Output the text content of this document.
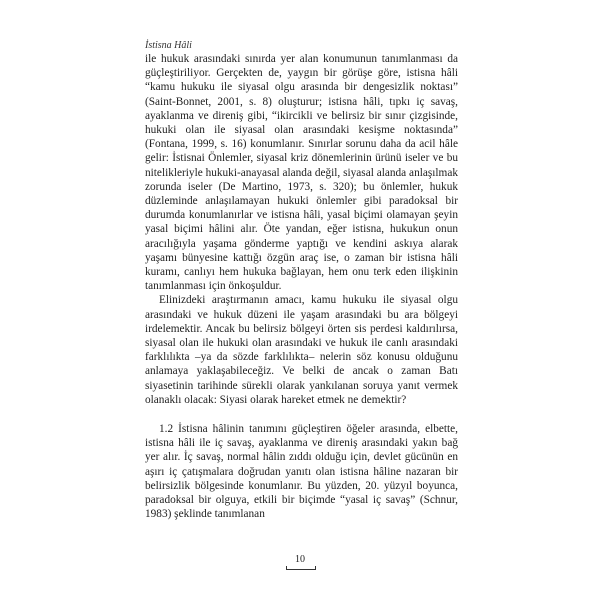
İstisna Hâli

ile hukuk arasındaki sınırda yer alan konumunun tanımlanması da güçleştiriliyor. Gerçekten de, yaygın bir görüşe göre, istisna hâli “kamu hukuku ile siyasal olgu arasında bir dengesizlik noktası” (Saint-Bonnet, 2001, s. 8) oluşturur; istisna hâli, tıpkı iç savaş, ayaklanma ve direniş gibi, “ikircikli ve belirsiz bir sınır çizgisinde, hukuki olan ile siyasal olan arasındaki kesişme noktasında” (Fontana, 1999, s. 16) konumlanır. Sınırlar sorunu daha da acil hâle gelir: İstisnai Önlemler, siyasal kriz dönemlerinin ürünü iseler ve bu nitelikleriyle hukuki-anayasal alanda değil, siyasal alanda anlaşılmak zorunda iseler (De Martino, 1973, s. 320); bu önlemler, hukuk düzleminde anlaşılamayan hukuki önlemler gibi paradoksal bir durumda konumlanırlar ve istisna hâli, yasal biçimi olamayan şeyin yasal biçimi hâlini alır. Öte yandan, eğer istisna, hukukun onun aracılığıyla yaşama gönderme yaptığı ve kendini askıya alarak yaşamı bünyesine kattığı özgün araç ise, o zaman bir istisna hâli kuramı, canlıyı hem hukuka bağlayan, hem onu terk eden ilişkinin tanımlanması için önkoşuldur.

Elinizdeki araştırmanın amacı, kamu hukuku ile siyasal olgu arasındaki ve hukuk düzeni ile yaşam arasındaki bu ara bölgeyi irdelemektir. Ancak bu belirsiz bölgeyi örten sis perdesi kaldırılırsa, siyasal olan ile hukuki olan arasındaki ve hukuk ile canlı arasındaki farklılıkta –ya da sözde farklılıkta– nelerin söz konusu olduğunu anlamaya yaklaşabileceğiz. Ve belki de ancak o zaman Batı siyasetinin tarihinde sürekli olarak yankılanan soruya yanıt vermek olanaklı olacak: Siyasi olarak hareket etmek ne demektir?

1.2 İstisna hâlinin tanımını güçleştiren öğeler arasında, elbette, istisna hâli ile iç savaş, ayaklanma ve direniş arasındaki yakın bağ yer alır. İç savaş, normal hâlin zıddı olduğu için, devlet gücünün en aşırı iç çatışmalara doğrudan yanıtı olan istisna hâline nazaran bir belirsizlik bölgesinde konumlanır. Bu yüzden, 20. yüzyıl boyunca, paradoksal bir olguya, etkili bir biçimde “yasal iç savaş” (Schnur, 1983) şeklinde tanımlanan

10
